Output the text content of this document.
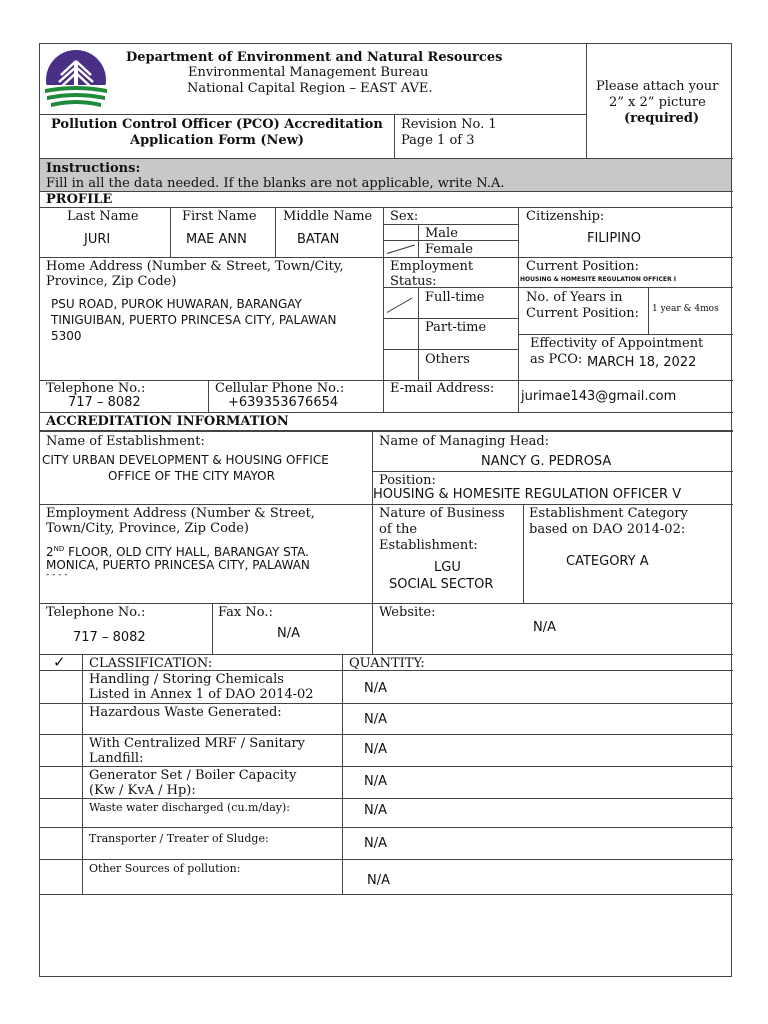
Department of Environment and Natural Resources
Environmental Management Bureau
National Capital Region – EAST AVE.	Please attach your
2” x 2” picture
(required)
Pollution Control Officer (PCO) Accreditation
Application Form (New)
Revision No. 1
Page 1 of 3
Instructions:
Fill in all the data needed. If the blanks are not applicable, write N.A.
PROFILE
Last Name	First Name Middle Name
JURI	MAE ANN	BATAN
Sex:
Male
Female
Citizenship:
FILIPINO
Home Address (Number & Street, Town/City,
Province, Zip Code)
PSU ROAD, PUROK HUWARAN, BARANGAY
TINIGUIBAN, PUERTO PRINCESA CITY, PALAWAN
5300
Employment
Status:
Full-time
Part-time
Others
Current Position:
HOUSING & HOMESITE REGULATION OFFICER I
No. of Years in
Current Position: 1 year & 4mos
Effectivity of Appointment
as PCO: MARCH 18, 2022
Telephone No.:
717 – 8082
Cellular Phone No.:
+639353676654
E-mail Address:
jurimae143@gmail.com
ACCREDITATION INFORMATION
Name of Establishment:
CITY URBAN DEVELOPMENT & HOUSING OFFICE
OFFICE OF THE CITY MAYOR
Name of Managing Head:
NANCY G. PEDROSA
Position:
HOUSING & HOMESITE REGULATION OFFICER V
Employment Address (Number & Street,
Town/City, Province, Zip Code)
2ND FLOOR, OLD CITY HALL, BARANGAY STA.
MONICA, PUERTO PRINCESA CITY, PALAWAN
- - - -
Nature of Business
of the
Establishment:
LGU
SOCIAL SECTOR
Establishment Category
based on DAO 2014-02:
CATEGORY A
Telephone No.:
717 – 8082
Fax No.:
N/A
Website:
N/A
✓ CLASSIFICATION:	QUANTITY:
Handling / Storing Chemicals
Listed in Annex 1 of DAO 2014-02	N/A
Hazardous Waste Generated:	N/A
With Centralized MRF / Sanitary
Landfill:
N/A
Generator Set / Boiler Capacity
(Kw / KvA / Hp):
N/A
Waste water discharged (cu.m/day):	N/A
Transporter / Treater of Sludge:	N/A
Other Sources of pollution:
N/A
